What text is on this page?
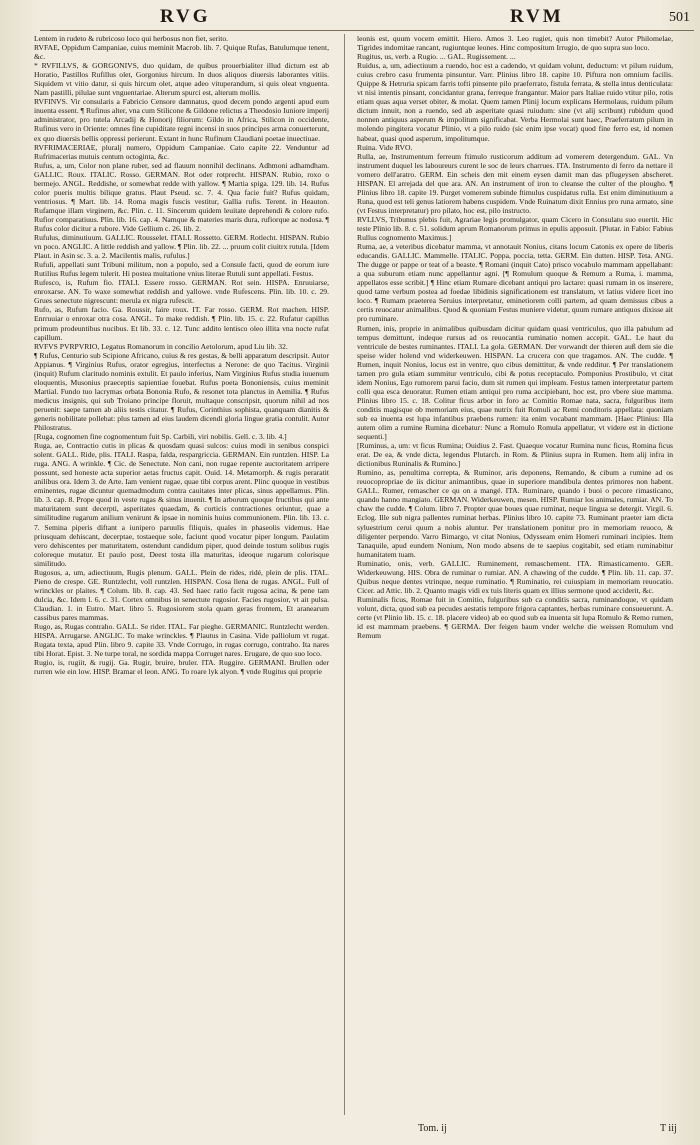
RVG	RVM	501

Lentem in rudeto & rubricoso loco qui herbosus non fiet, serito.

RVFAE, Oppidum Campaniae, cuius meminit Macrob. lib. 7. Quique Rufas, Batulumque tenent, &c.

* RVFILLVS, & GORGONIVS, duo quidam, de quibus prouerbialiter illud dictum est ab Horatio, Pastillos Rufillus olet, Gorgonius hircum. In duos aliquos diuersis laborantes vitiis. Siquidem vt vitio datur, si quis hircum olet, atque adeo vituperandum, si quis oleat vnguenta. Nam pastilli, pilulae sunt vnguentariae. Alterum spurci est, alterum mollis.

RVFINVS. Vir consularis a Fabricio Censore damnatus, quod decem pondo argenti apud eum inuenta essent. ¶ Rufinus alter, vna cum Stilicone & Gildone relictus a Theodosio Iuniore imperij administrator, pro tutela Arcadij & Honorij filiorum: Gildo in Africa, Stilicon in occidente, Rufinus vero in Oriente: omnes fine cupiditate regni incensi in suos principes arma conuerterunt, ex quo diuersis bellis oppressi perierunt. Extant in hunc Rufinum Claudiani poetae inuectiuae.

RVFRIMACERIAE, pluralj numero, Oppidum Campaniae. Cato capite 22. Venduntur ad Rufrimacerias mutuis centum octoginta, &c.

Rufus, a, um, Color non plane ruber, sed ad flauum nonnihil declinans. Adhmoni adhamdham. GALLIC. Roux. ITALIC. Rosso. GERMAN. Rot oder rotprecht. HISPAN. Rubio, roxo o bermejo. ANGL. Reddishe, or somewhat redde with yallow. ¶ Martia spiga. 129. lib. 14. Rufus color pueris multis bilique gratus. Plaut Pseud. sc. 7. 4. Qua facie fuit? Rufus quidam, ventriosus. ¶ Mart. lib. 14. Roma magis fuscis vestitur, Gallia rufis. Terent. in Heauton. Rufamque illam virginem, &c. Plin. c. 11. Sincerum quidem leuitate deprehendi & colore rufo. Rufior comparatiuus. Plin. lib. 16. cap. 4. Namque & materies maris dura, rufiorque ac nodosa. ¶ Rufus color dicitur a rubore. Vide Gellium c. 26. lib. 2.

Rufulus, diminutiuum. GALLIC. Rousselet. ITALI. Rossetto. GERM. Rotlecht. HISPAN. Rubio vn poco. ANGLIC. A little reddish and yallow. ¶ Plin. lib. 22. ... pruum colit ciuitrx rutula. [Idem Plaut. in Asin sc. 3. a. 2. Macilentis malis, rufulus.]

Rufuli, appellati sunt Tribuni militum, non a populo, sed a Consule facti, quod de eorum iure Rutilius Rufus legem tulerit. Hi postea muitatione vnius literae Rutuli sunt appellati. Festus.

Rufesco, is, Rufum fio. ITALI. Essere rosso. GERMAN. Rot sein. HISPA. Enruuiarse, enroxarse. AN. To waxe somewhat reddish and yallowe. vnde Rufescens. Plin. lib. 10. c. 29. Grues senectute nigrescunt: merula ex nigra rufescit.

Rufo, as, Rufum facio. Ga. Roussir, faire roux. IT. Far rosso. GERM. Rot machen. HISP. Enrruuiar o enroxar otra cosa. ANGL. To make reddish. ¶ Plin. lib. 15. c. 22. Rufatur capillus primum prodeuntibus nucibus. Et lib. 33. c. 12. Tunc addito lentisco oleo illita vna nocte rufat capillum.

RVFVS PVRPVRIO, Legatus Romanorum in concilio Aetolorum, apud Liu lib. 32.

¶ Rufus, Centurio sub Scipione Africano, cuius & res gestas, & belli apparatum descripsit. Autor Appianus. ¶ Virginius Rufus, orator egregius, interfectus a Nerone: de quo Tacitus. Virginii (inquit) Rufum claritudo nominis extulit. Et paulo inferius, Nam Virginius Rufus studia iuuenum eloquentis, Musonius praeceptis sapientiae fouebat. Rufus poeta Bononiensis, cuius meminit Martial. Fundo tuo lacrymas orbata Bononia Rufo, & resonet tota planctus in Aemilia. ¶ Rufus medicus insignis, qui sub Troiano principe floruit, multaque conscripsit, quorum nihil ad nos peruenit: saepe tamen ab aliis testis citatur. ¶ Rufus, Corinthius sophista, quanquam dianitis & generis nobilitate pollebat: plus tamen ad eius laudem dicendi gloria lingue gratia contulit. Autor Philostratus.

[Ruga, cognomen fine cognomentum fuit Sp. Carbili, viri nobilis. Gell. c. 3. lib. 4.]

Ruga, ae, Contractio cutis in plicas & quosdam quasi sulcos: cuius modi in senibus conspici solent. GALL. Ride, plis. ITALI. Raspa, falda, respargriccia. GERMAN. Ein runtzlen. HISP. La ruga. ANG. A wrinkle. ¶ Cic. de Senectute. Non cani, non rugae repente auctoritatem arripere possunt, sed honeste acta superior aetas fructus capit. Ouid. 14. Metamorph. & rugis peraratit anilibus ora. Idem 3. de Arte. Iam venient rugae, quae tibi corpus arent. Plinc quoque in vestibus eminentes, rugae dicuntur quemadmodum contra cauitates inter plicas, sinus appellamus. Plin. lib. 3. cap. 8. Prope quod in veste rugas & sinus inuenit. ¶ In arborum quoque fructibus qui ante maturitatem sunt decerpti, asperitates quaedam, & corticis contractiones oriuntur, quae a similitudine rugarum anilium venirunt & ipsae in nominis huius communionem. Plin. lib. 13. c. 7. Semina piperis diftant a iunipero paruulis filiquis, quales in phaseolis videmus. Hae priusquam dehiscant, decerptae, tostaeque sole, faciunt quod vocatur piper longum. Paulatim vero dehiscentes per maturitatem, ostendunt candidum piper, quod deinde tostum solibus rugis coloreque mutatur. Et paulo post, Deest tosta illa maturitas, ideoque rugarum colorisque similitudo.

Rugosus, a, um, adiectiuum, Rugis plenum. GALL. Plein de rides, ridé, plein de plis. ITAL. Pieno de crespe. GE. Runtzlecht, voll runtzlen. HISPAN. Cosa llena de rugas. ANGL. Full of wrinckles or plaites. ¶ Colum. lib. 8. cap. 43. Sed haec ratio facit rugosa acina, & pene tam dulcia, &c. Idem l. 6. c. 31. Cortex omnibus in senectute rugosior. Facies rugosior, vt ait pulsa. Claudian. 1. in Eutro. Mart. libro 5. Rugosiorem stola quam geras frontem, Et aranearum cassibus pares mammas.

Rugo, as, Rugas contraho. GALL. Se rider. ITAL. Far pieghe. GERMANIC. Runtzlecht werden. HISPA. Arrugarse. ANGLIC. To make wrinckles. ¶ Plautus in Casina. Vide palliolum vt rugat. Rugata texta, apud Plin. libro 9. capite 33. Vnde Corrugo, in rugas corrugo, contraho. Ita nares tibi Horat. Epist. 3. Ne turpe toral, ne sordida mappa Corruget nares. Erugare, de quo suo loco.

Rugio, is, rugiit, & rugij. Ga. Rugir, bruire, bruler. ITA. Ruggire. GERMANI. Brullen oder rurren wie ein low. HISP. Bramar el leon. ANG. To roare lyk alyon. ¶ vnde Rugitus qui proprie

leonis est, quum vocem emittit. Hiero. Amos 3. Leo rugiet, quis non timebit? Autor Philomelae, Tigrides indomitae rancant, rugiuntque leones. Hinc compositum Irrugio, de quo supra suo loco.

Rugitus, us, verb. a Rugio. ... GAL. Rugissement. ...

Ruidus, a, um, adiectiuum a ruendo, hoc est a cadendo, vt quidam volunt, deductum: vt pilum ruidum, cuius crebro casu frumenta pinsuntur. Varr. Plinius libro 18. capite 10. Piftura non omnium facilis. Quippe & Hetruria spicam farris tofti pinsente pilo praeferrato, fistula ferrata, & stella intus denticulata: vt nisi intentis pinsant, concidantur grana, ferreque frangantur. Maior pars Italiae ruido vtitur pilo, rotis etiam quas aqua verset obiter, & molat. Quem tamen Plinij locum explicans Hermolaus, ruidum pilum dictum innuit, non a ruendo, sed ab asperitate quasi ruiudum: sine (vt alij scribunt) rubidum quod nonnen antiquus asperum & impolitum significabat. Verba Hermolai sunt haec, Praeferratum pilum in molendo pingitera vocatur Plinio, vt a pilo ruido (sic enim ipse vocat) quod fine ferro est, id nomen habeat, quasi quod asperum, impolitumque.

Ruina. Vide RVO.

Rulla, ae, Instrumentum ferreum ftimulo rusticorum additum ad vomerem detergendum. GAL. Vn instrument duquel les laboureurs curent le soc de leurs charrues. ITA. Instrumento di ferro da nettare il vomero dell'aratro. GERM. Ein scheis den mit einem eysen damit man das pflugeysen abscheret. HISPAN. El arrejada del que ara. AN. An instrument of iron to cleanse the culter of the plougho. ¶ Plinius libro 18. capite 19. Purget vomerem subinde ftimulus cuspidatus rulla. Est enim diminutiuum a Runa, quod est teli genus latiorem habens cuspidem. Vnde Ruinatum dixit Ennius pro runa armato, sine (vt Festus interpretatur) pro pilato, hoc est, pilo instructo.

RVLLVS, Tribunus plebis fuit, Agrariae legis promulgator, quam Cicero in Consulatu suo euertit. Hic teste Plinio lib. 8. c. 51. solidum aprum Romanorum primus in epulis apposuit. [Plutar. in Fabio: Fabius Rullus cognomento Maximus.]

Ruma, ae, a veteribus dicebatur mamma, vt annotauit Nonius, citans locum Catonis ex opere de liberis educandis. GALLIC. Mammelle. ITALIC. Poppa, poccia, tetta. GERM. Ein dutten. HISP. Teta. ANG. The dugge or pappe or teat of a beaste. ¶ Romani (inquit Cato) prisco vocabulo mammam appellabant: a qua suburum etiam nunc appellantur agni. [¶ Romulum quoque & Remum a Ruma, i. mamma, appellatos esse scribit.] ¶ Hinc etiam Rumare dicebant antiqui pro lactare: quasi rumam in os inserere, quod tame verbum postea ad foedae libidinis significationem est translatum, vt latius videre licet ino loco. ¶ Rumam praeterea Seruius interpretatur, eminetiorem colli partem, ad quam demissus cibus a certis reuocatur animalibus. Quod & quoniam Festus muniere videtur, quum rumare antiquos dixisse ait pro ruminare.

Rumen, inis, proprie in animalibus quibusdam dicitur quidam quasi ventriculus, quo illa pabulum ad tempus demittunt, indeque rursus ad os reuocantia ruminatio nomen accepit. GAL. Le haut du ventricule de bestes ruminantes. ITALI. La gola. GERMAN. Der vorwandt der thieren auß dem sie die speise wider holend vnd widerkeuwen. HISPAN. La crucera con que tragamos. AN. The cudde. ¶ Rumen, inquit Nonius, locus est in ventre, quo cibus demittitur, & vnde redditur. ¶ Per translationem tamen pro gula etiam summitur ventriculo, cibi & potus receptaculo. Pomponius Prostibulo, vt citat idem Nonius, Ego rumorem parui facio, dum sit rumen qui impleam. Festus tamen interpretatur partem colli qua esca deuoratur. Rumen etiam antiqui pro ruma accipiebant, hoc est, pro vbere siue mamma. Plinius libro 15. c. 18. Colitur ficus arbor in foro ac Comitio Romae nata, sacra, fulguribus item conditis magisque ob memoriam eius, quae nutrix fuit Romuli ac Remi conditoris appellata: quoniam sub ea inuenta est lupa infantibus praebens rumen: ita enim vocabant mammam. [Haec Plinius: Illa autem olim a rumine Rumina dicebatur: Nunc a Romulo Romula appellatur, vt videre est in dictione sequenti.]

[Ruminus, a, um: vt ficus Rumina; Ouidius 2. Fast. Quaeque vocatur Rumina nunc ficus, Romina ficus erat. De ea, & vnde dicta, legendus Plutarch. in Rom. & Plinius supra in Rumen. Item alij infra in dictionibus Runinalis & Rumino.]

Rumino, as, penultima correpta, & Ruminor, aris deponens, Remando, & cibum a rumine ad os reuocopropriae de iis dicitur animantibus, quae in superiore mandibula dentes primores non habent. GALL. Rumer, remascher ce qu on a mangé. ITA. Ruminare, quando i buoi o pecore rimasticano, quando hanno mangiato. GERMAN. Widerkeuwen, mesen. HISP. Rumiar los animales, rumiar. AN. To chaw the cudde. ¶ Colum. libro 7. Propter quae boues quae ruminat, neque lingua se detergit. Virgil. 6. Eclog. Ille sub nigra pallentes ruminat herbas. Plinius libro 10. capite 73. Ruminant praeter iam dicta syluestrium cerui quum a nobis aluntur. Per translationem ponitur pro in memoriam reuoco, & diligenter perpendo. Varro Bimargo, vt citat Nonius, Odysseam enim Homeri ruminari incipies. Item Tanaquile, apud eundem Nonium, Non modo absens de te saepius cogitabit, sed etiam ruminabitur humanitatem tuam.

Ruminatio, onis, verb. GALLIC. Ruminement, remaschement. ITA. Rimasticamento. GER. Widerkeuwung. HIS. Obra de ruminar o rumiar. AN. A chawing of the cudde. ¶ Plin. lib. 11. cap. 37. Quibus neque dentes vtrinque, neque ruminatio. ¶ Ruminatio, rei cuiuspiam in memoriam reuocatio. Cicer. ad Attic. lib. 2. Quanto magis vidi ex tuis literis quam ex illius sermone quod acciderit, &c.

Ruminalis ficus, Romae fuit in Comitio, fulguribus sub ca conditis sacra, ruminandoque, vt quidam volunt, dicta, quod sub ea pecudes aestatis tempore frigora captantes, herbas ruminare consueuerunt. A. certe (vt Plinio lib. 15. c. 18. placere video) ab eo quod sub ea inuenta sit lupa Romulo & Remo rumen, id est mammam praebens. ¶ GERMA. Der feigen baum vnder welche die weissen Romulum vnd Remum

Tom. ij	T iij
